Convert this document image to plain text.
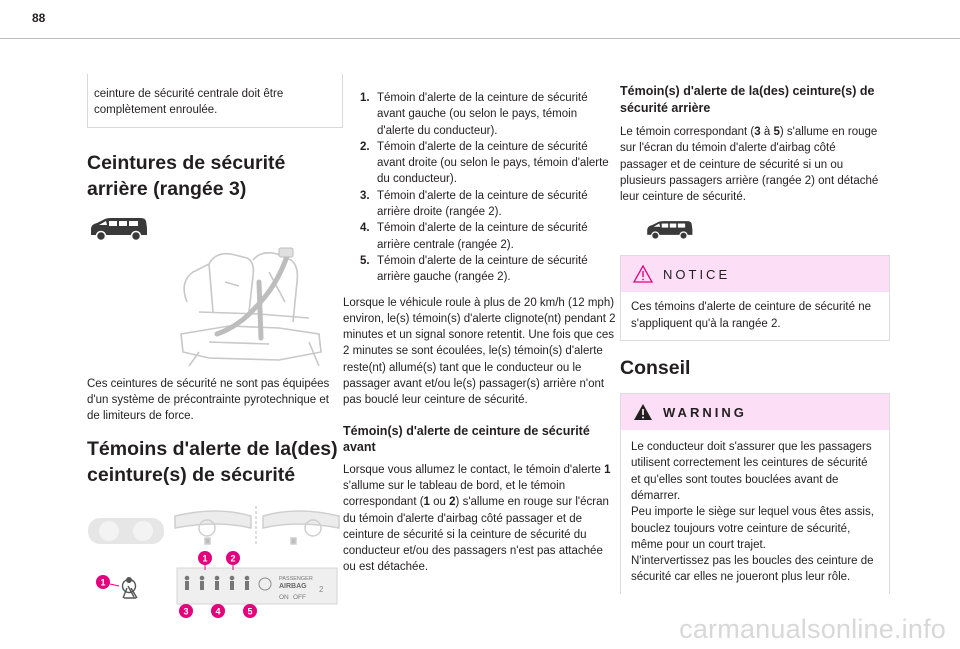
88

ceinture de sécurité centrale doit être complètement enroulée.

Ceintures de sécurité arrière (rangée 3)

Ces ceintures de sécurité ne sont pas équipées d'un système de précontrainte pyrotechnique et de limiteurs de force.

Témoins d'alerte de la(des) ceinture(s) de sécurité
PASSENGER
AIRBAG
ON OFF
2
1	2
1
3	4	5
1. Témoin d'alerte de la ceinture de sécurité avant gauche (ou selon le pays, témoin d'alerte du conducteur).
2. Témoin d'alerte de la ceinture de sécurité avant droite (ou selon le pays, témoin d'alerte du conducteur).
3. Témoin d'alerte de la ceinture de sécurité arrière droite (rangée 2).
4. Témoin d'alerte de la ceinture de sécurité arrière centrale (rangée 2).
5. Témoin d'alerte de la ceinture de sécurité arrière gauche (rangée 2).

Lorsque le véhicule roule à plus de 20 km/h (12 mph) environ, le(s) témoin(s) d'alerte clignote(nt) pendant 2 minutes et un signal sonore retentit. Une fois que ces 2 minutes se sont écoulées, le(s) témoin(s) d'alerte reste(nt) allumé(s) tant que le conducteur ou le passager avant et/ou le(s) passager(s) arrière n'ont pas bouclé leur ceinture de sécurité.

Témoin(s) d'alerte de ceinture de sécurité avant

Lorsque vous allumez le contact, le témoin d'alerte 1 s'allume sur le tableau de bord, et le témoin correspondant (1 ou 2) s'allume en rouge sur l'écran du témoin d'alerte d'airbag côté passager et de ceinture de sécurité si la ceinture de sécurité du conducteur et/ou des passagers n'est pas attachée ou est détachée.

Témoin(s) d'alerte de la(des) ceinture(s) de sécurité arrière

Le témoin correspondant (3 à 5) s'allume en rouge sur l'écran du témoin d'alerte d'airbag côté passager et de ceinture de sécurité si un ou plusieurs passagers arrière (rangée 2) ont détaché leur ceinture de sécurité.

NOTICE

Ces témoins d'alerte de ceinture de sécurité ne s'appliquent qu'à la rangée 2.

Conseil
WARNING

Le conducteur doit s'assurer que les passagers utilisent correctement les ceintures de sécurité et qu'elles sont toutes bouclées avant de démarrer.

Peu importe le siège sur lequel vous êtes assis, bouclez toujours votre ceinture de sécurité, même pour un court trajet.

N'intervertissez pas les boucles des ceinture de sécurité car elles ne joueront plus leur rôle.

carmanualsonline.info
